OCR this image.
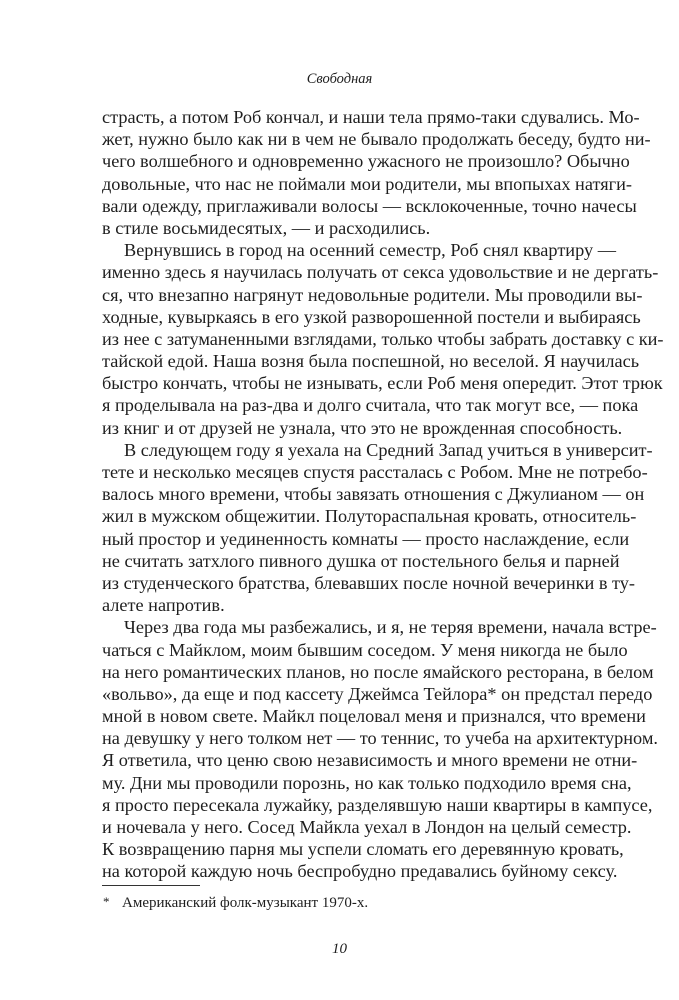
Свободная
страсть, а потом Роб кончал, и наши тела прямо-таки сдувались. Мо-
жет, нужно было как ни в чем не бывало продолжать беседу, будто ни-
чего волшебного и одновременно ужасного не произошло? Обычно
довольные, что нас не поймали мои родители, мы впопыхах натяги-
вали одежду, приглаживали волосы — всклокоченные, точно начесы
в стиле восьмидесятых, — и расходились.
Вернувшись в город на осенний семестр, Роб снял квартиру —
именно здесь я научилась получать от секса удовольствие и не дергать-
ся, что внезапно нагрянут недовольные родители. Мы проводили вы-
ходные, кувыркаясь в его узкой разворошенной постели и выбираясь
из нее с затуманенными взглядами, только чтобы забрать доставку с ки-
тайской едой. Наша возня была поспешной, но веселой. Я научилась
быстро кончать, чтобы не изнывать, если Роб меня опередит. Этот трюк
я проделывала на раз-два и долго считала, что так могут все, — пока
из книг и от друзей не узнала, что это не врожденная способность.
В следующем году я уехала на Средний Запад учиться в университ-
тете и несколько месяцев спустя рассталась с Робом. Мне не потребо-
валось много времени, чтобы завязать отношения с Джулианом — он
жил в мужском общежитии. Полуторaспальная кровать, относитель-
ный простор и уединенность комнаты — просто наслаждение, если
не считать затхлого пивного душка от постельного белья и парней
из студенческого братства, блевавших после ночной вечеринки в ту-
алете напротив.
Через два года мы разбежались, и я, не теряя времени, начала встре-
чаться с Майклом, моим бывшим соседом. У меня никогда не было
на него романтических планов, но после ямайского ресторана, в белом
«вольво», да еще и под кассету Джеймса Тейлора* он предстал передо
мной в новом свете. Майкл поцеловал меня и признался, что времени
на девушку у него толком нет — то теннис, то учеба на архитектурном.
Я ответила, что ценю свою независимость и много времени не отни-
му. Дни мы проводили порознь, но как только подходило время сна,
я просто пересекала лужайку, разделявшую наши квартиры в кампусе,
и ночевала у него. Сосед Майкла уехал в Лондон на целый семестр.
К возвращению парня мы успели сломать его деревянную кровать,
на которой каждую ночь беспробудно предавались буйному сексу.
* Американский фолк-музыкант 1970-х.
10
